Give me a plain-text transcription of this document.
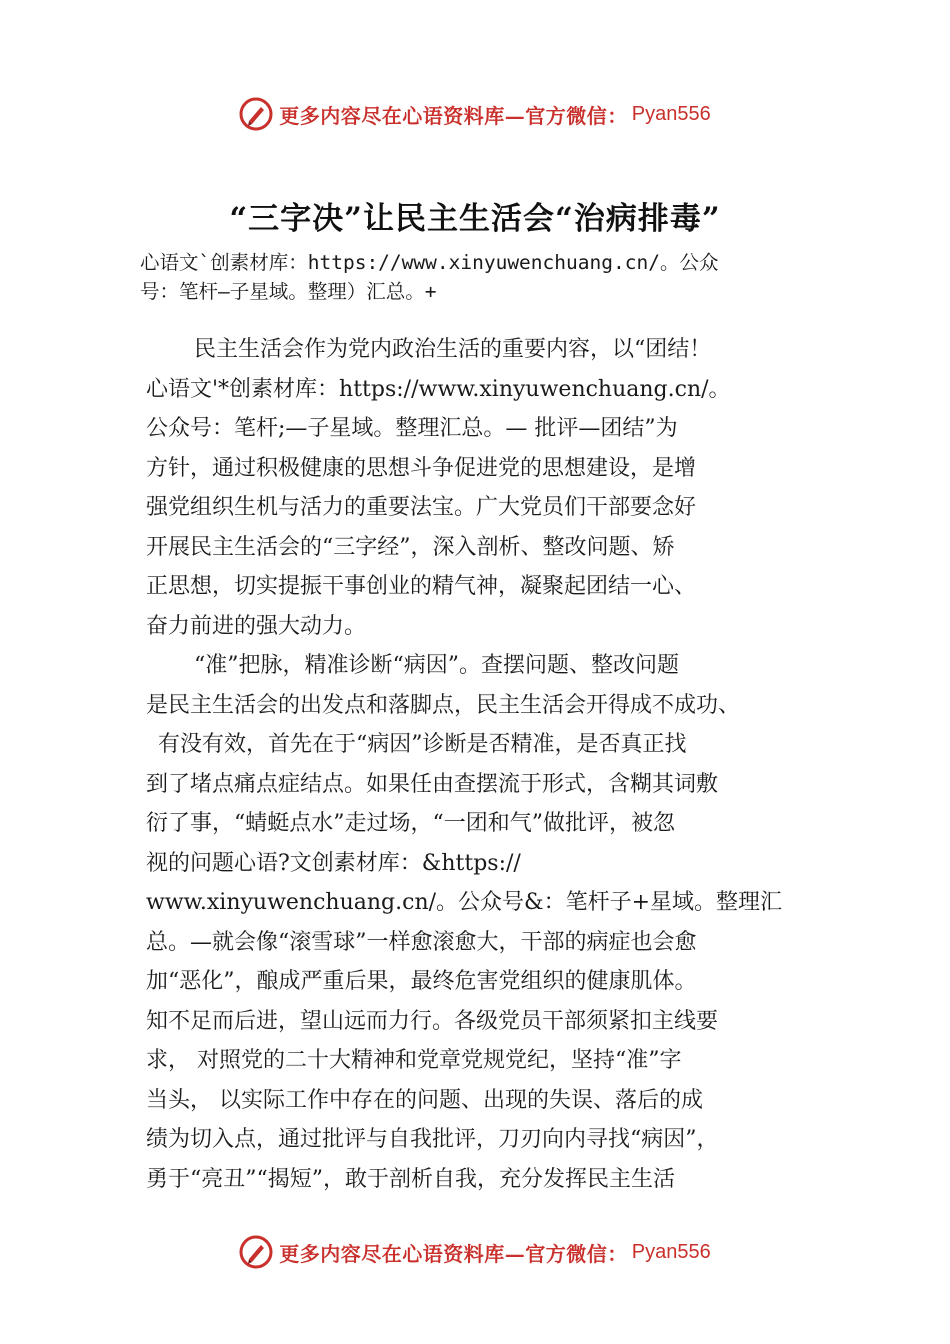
更多内容尽在心语资料库—官方微信： Pyan556
“三字决”让民主生活会“治病排毒”
心语文`创素材库：https://www.xinyuwenchuang.cn/。公众
号：笔杆—子星域。整理）汇总。+
民主生活会作为党内政治生活的重要内容，以“团结！
心语文'*创素材库：https://www.xinyuwenchuang.cn/。
公众号：笔杆;—子星域。整理汇总。— 批评—团结”为
方针，通过积极健康的思想斗争促进党的思想建设，是增
强党组织生机与活力的重要法宝。广大党员们干部要念好
开展民主生活会的“三字经”，深入剖析、整改问题、矫
正思想，切实提振干事创业的精气神，凝聚起团结一心、
奋力前进的强大动力。
“准”把脉，精准诊断“病因”。查摆问题、整改问题
是民主生活会的出发点和落脚点，民主生活会开得成不成功、
有没有效，首先在于“病因”诊断是否精准，是否真正找
到了堵点痛点症结点。如果任由查摆流于形式，含糊其词敷
衍了事，“蜻蜓点水”走过场，“一团和气”做批评，被忽
视的问题心语?文创素材库：&https://
www.xinyuwenchuang.cn/。公众号&：笔杆子+星域。整理汇
总。—就会像“滚雪球”一样愈滚愈大，干部的病症也会愈
加“恶化”，酿成严重后果，最终危害党组织的健康肌体。
知不足而后进，望山远而力行。各级党员干部须紧扣主线要
求， 对照党的二十大精神和党章党规党纪，坚持“准”字
当头， 以实际工作中存在的问题、出现的失误、落后的成
绩为切入点，通过批评与自我批评，刀刃向内寻找“病因”，
勇于“亮丑”“揭短”，敢于剖析自我，充分发挥民主生活
更多内容尽在心语资料库—官方微信： Pyan556
